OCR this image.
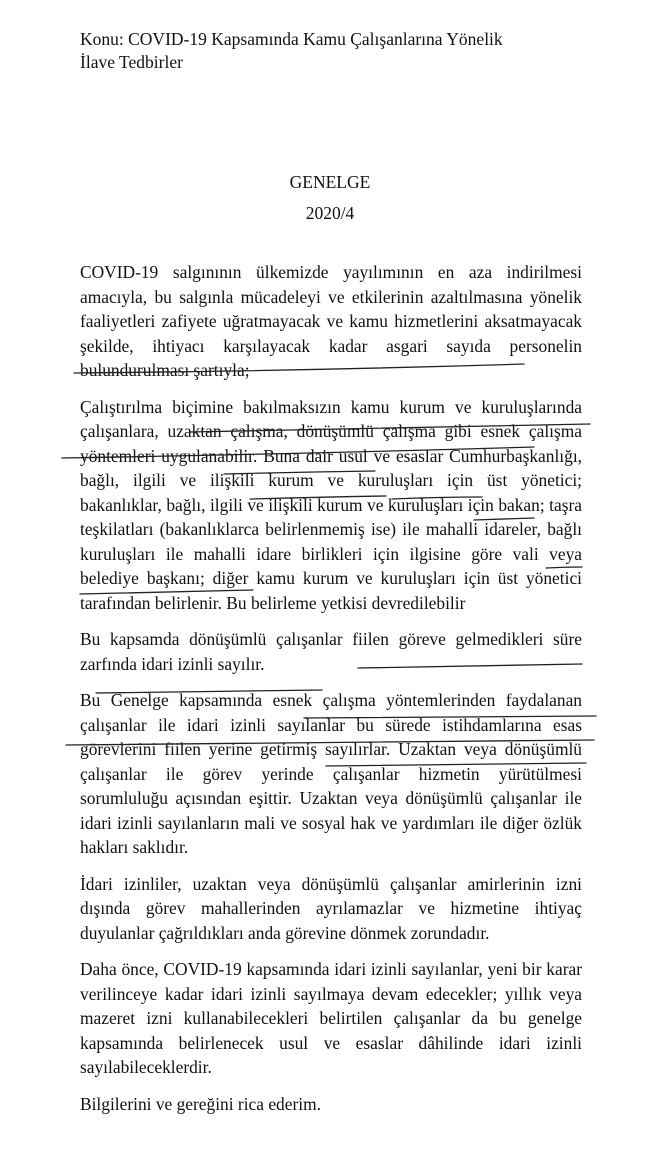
Konu: COVID-19 Kapsamında Kamu Çalışanlarına Yönelik
İlave Tedbirler
GENELGE
2020/4

COVID-19 salgınının ülkemizde yayılımının en aza indirilmesi amacıyla, bu salgınla mücadeleyi ve etkilerinin azaltılmasına yönelik faaliyetleri zafiyete uğratmayacak ve kamu hizmetlerini aksatmayacak şekilde, ihtiyacı karşılayacak kadar asgari sayıda personelin bulundurulması şartıyla;

Çalıştırılma biçimine bakılmaksızın kamu kurum ve kuruluşlarında çalışanlara, uzaktan çalışma, dönüşümlü çalışma gibi esnek çalışma yöntemleri uygulanabilir. Buna dair usul ve esaslar Cumhurbaşkanlığı, bağlı, ilgili ve ilişkili kurum ve kuruluşları için üst yönetici; bakanlıklar, bağlı, ilgili ve ilişkili kurum ve kuruluşları için bakan; taşra teşkilatları (bakanlıklarca belirlenmemiş ise) ile mahalli idareler, bağlı kuruluşları ile mahalli idare birlikleri için ilgisine göre vali veya belediye başkanı; diğer kamu kurum ve kuruluşları için üst yönetici tarafından belirlenir. Bu belirleme yetkisi devredilebilir

Bu kapsamda dönüşümlü çalışanlar fiilen göreve gelmedikleri süre zarfında idari izinli sayılır.

Bu Genelge kapsamında esnek çalışma yöntemlerinden faydalanan çalışanlar ile idari izinli sayılanlar bu sürede istihdamlarına esas görevlerini fiilen yerine getirmiş sayılırlar. Uzaktan veya dönüşümlü çalışanlar ile görev yerinde çalışanlar hizmetin yürütülmesi sorumluluğu açısından eşittir. Uzaktan veya dönüşümlü çalışanlar ile idari izinli sayılanların mali ve sosyal hak ve yardımları ile diğer özlük hakları saklıdır.

İdari izinliler, uzaktan veya dönüşümlü çalışanlar amirlerinin izni dışında görev mahallerinden ayrılamazlar ve hizmetine ihtiyaç duyulanlar çağrıldıkları anda görevine dönmek zorundadır.

Daha önce, COVID-19 kapsamında idari izinli sayılanlar, yeni bir karar verilinceye kadar idari izinli sayılmaya devam edecekler; yıllık veya mazeret izni kullanabilecekleri belirtilen çalışanlar da bu genelge kapsamında belirlenecek usul ve esaslar dâhilinde idari izinli sayılabileceklerdir.

Bilgilerini ve gereğini rica ederim.
